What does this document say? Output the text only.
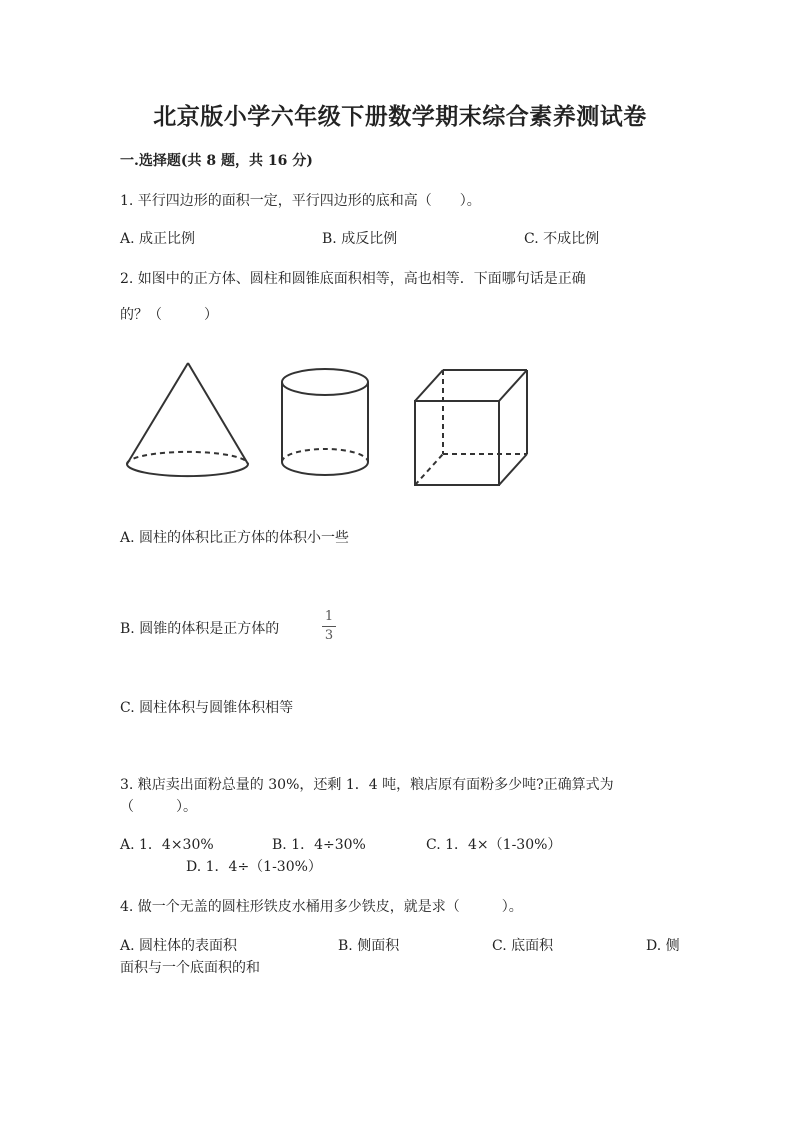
北京版小学六年级下册数学期末综合素养测试卷
一.选择题(共 8 题，共 16 分)
1. 平行四边形的面积一定，平行四边形的底和高（　　）。
A. 成正比例	B. 成反比例	C. 不成比例
2. 如图中的正方体、圆柱和圆锥底面积相等，高也相等．下面哪句话是正确
的？（　　　）
A. 圆柱的体积比正方体的体积小一些
B. 圆锥的体积是正方体的
1
3
C. 圆柱体积与圆锥体积相等
3. 粮店卖出面粉总量的 30%，还剩 1．4 吨，粮店原有面粉多少吨?正确算式为
（　　　）。
A. 1．4×30%	B. 1．4÷30%	C. 1．4×（1-30%）
D. 1．4÷（1-30%）
4. 做一个无盖的圆柱形铁皮水桶用多少铁皮，就是求（　　　）。
A. 圆柱体的表面积	B. 侧面积	C. 底面积	D. 侧
面积与一个底面积的和
